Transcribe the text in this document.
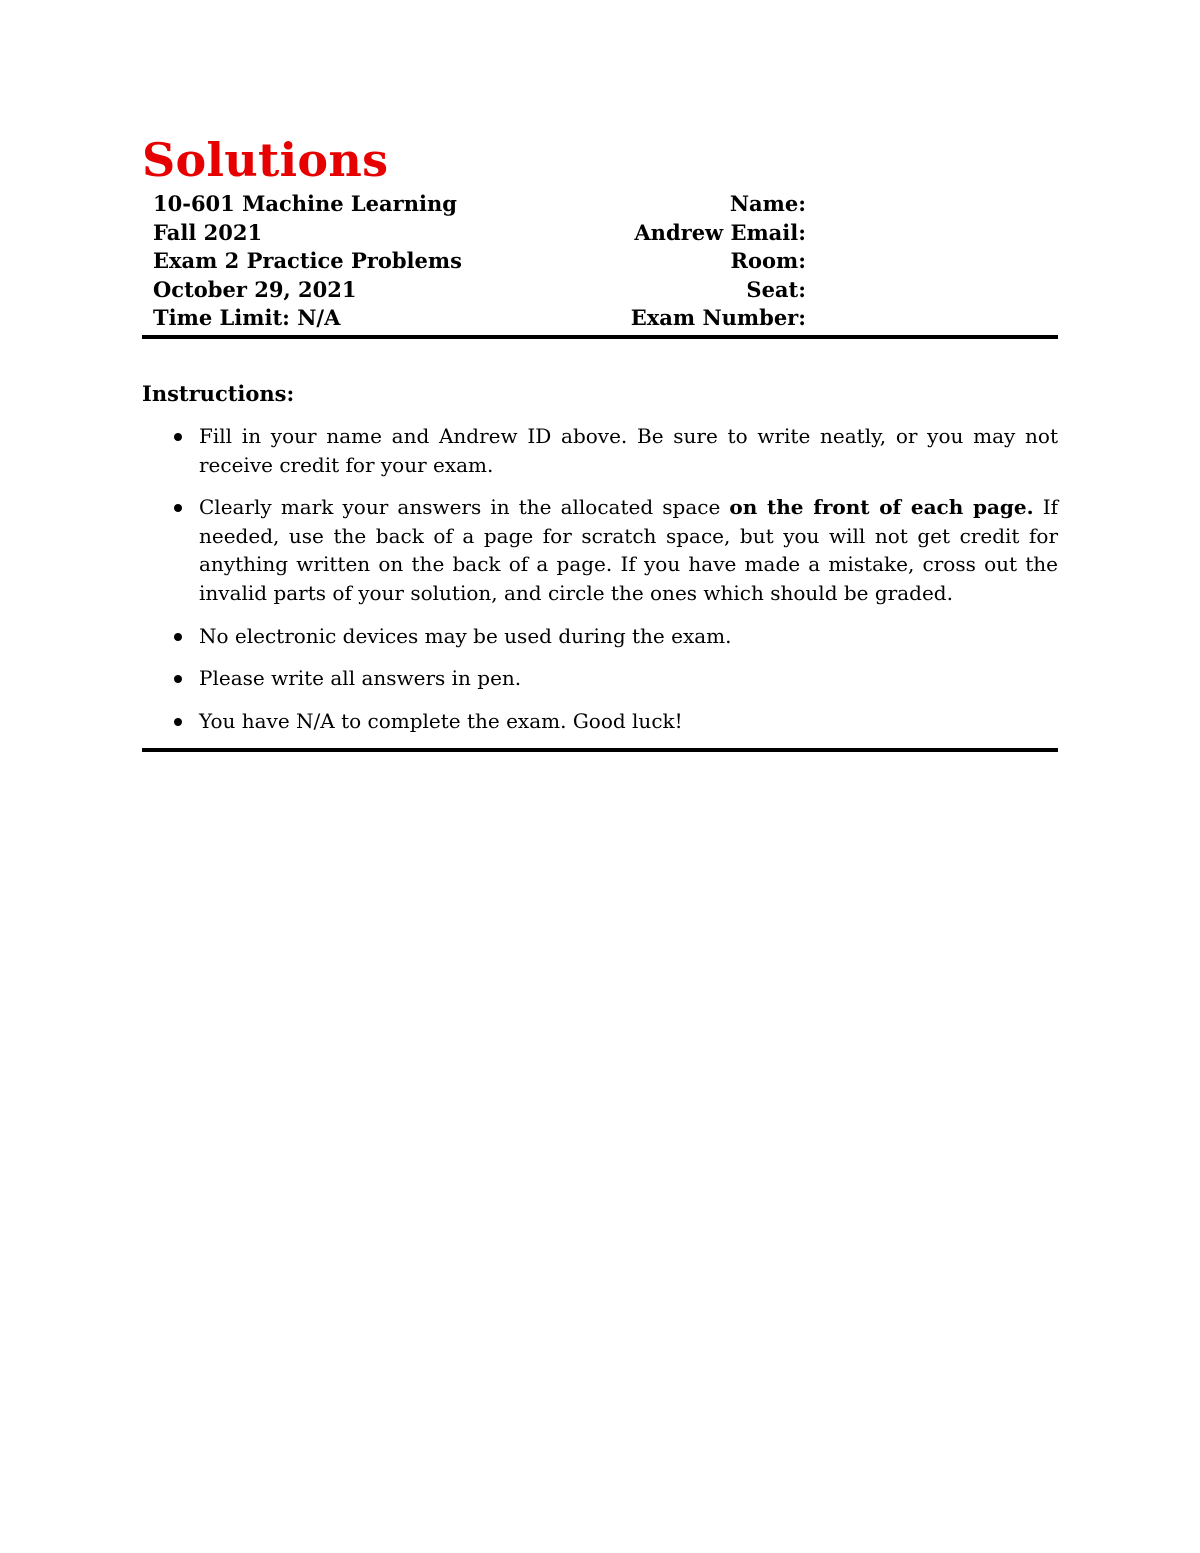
Solutions
10-601 Machine Learning
Fall 2021
Exam 2 Practice Problems
October 29, 2021
Time Limit: N/A
Name:
Andrew Email:
Room:
Seat:
Exam Number:
Instructions:
Fill in your name and Andrew ID above. Be sure to write neatly, or you may not receive credit for your exam.
Clearly mark your answers in the allocated space on the front of each page. If needed, use the back of a page for scratch space, but you will not get credit for anything written on the back of a page. If you have made a mistake, cross out the invalid parts of your solution, and circle the ones which should be graded.
No electronic devices may be used during the exam.
Please write all answers in pen.
You have N/A to complete the exam. Good luck!
